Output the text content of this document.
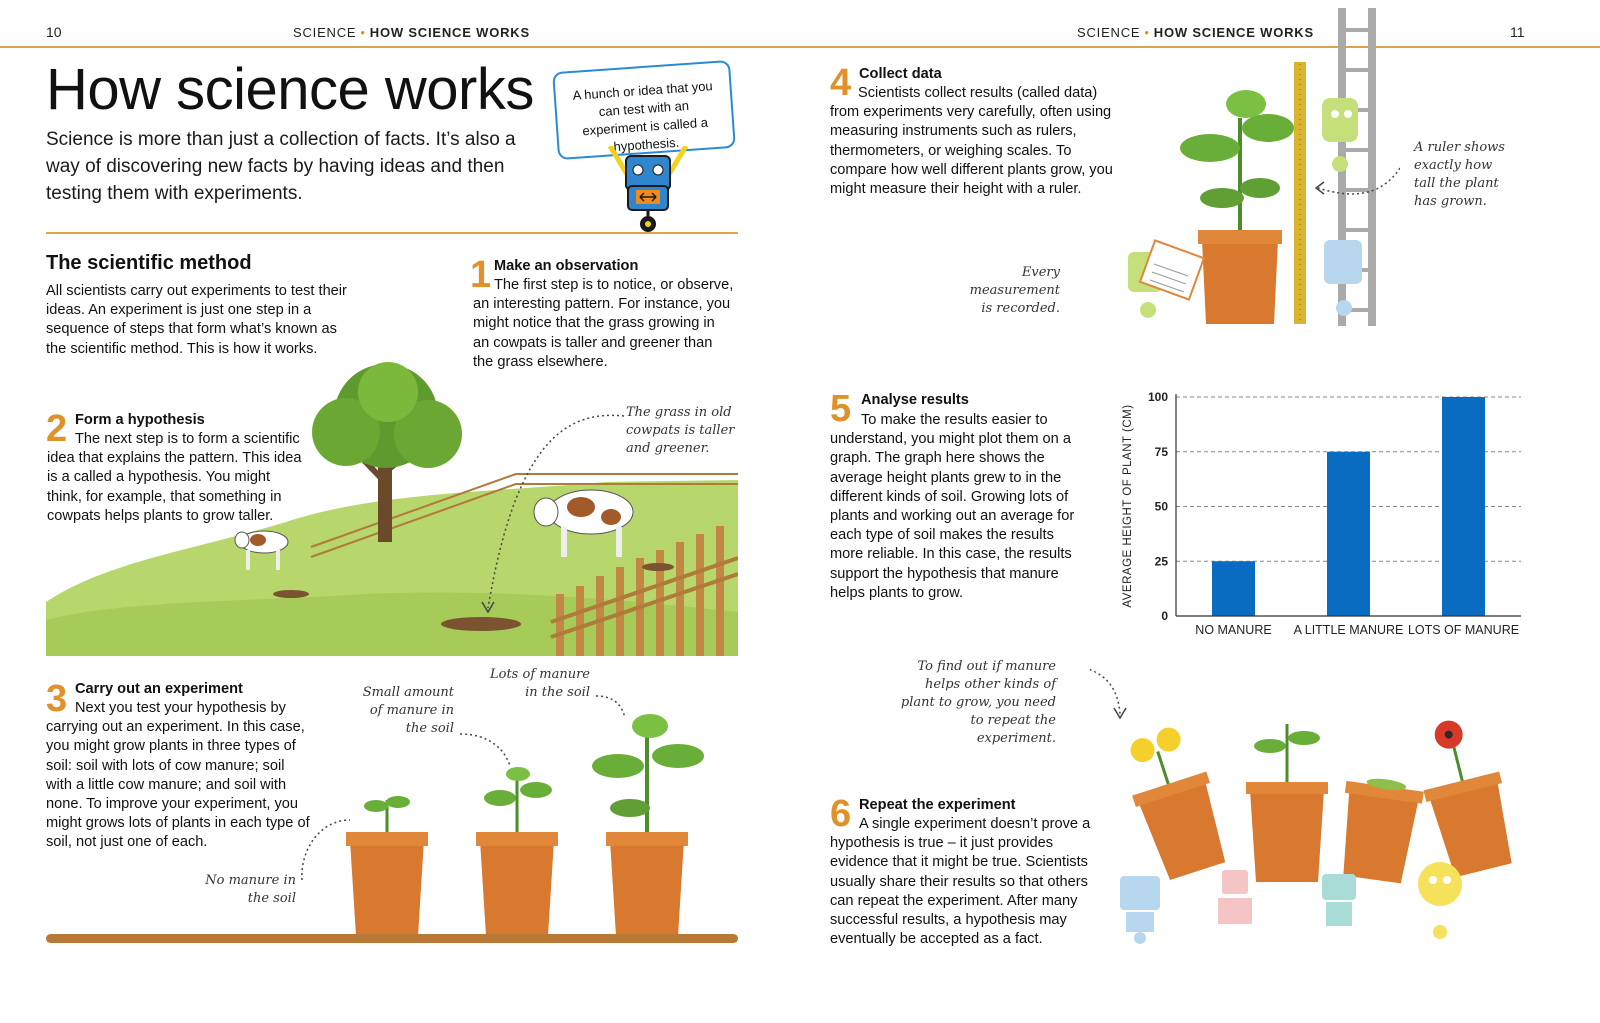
10	SCIENCE • HOW SCIENCE WORKS	SCIENCE • HOW SCIENCE WORKS	11
How science works

Science is more than just a collection of facts. It’s also a way of discovering new facts by having ideas and then testing them with experiments.

A hunch or idea that you can test with an experiment is called a hypothesis.
The scientific method

All scientists carry out experiments to test their ideas. An experiment is just one step in a sequence of steps that form what’s known as the scientific method. This is how it works.

1 Make an observation

The first step is to notice, or observe, an interesting pattern. For instance, you might notice that the grass growing in an cowpats is taller and greener than the grass elsewhere.

The grass in old cowpats is taller and greener.

2 Form a hypothesis

The next step is to form a scientific idea that explains the pattern. This idea is a called a hypothesis. You might think, for example, that something in cowpats helps plants to grow taller.

3 Carry out an experiment

Next you test your hypothesis by carrying out an experiment. In this case, you might grow plants in three types of soil: soil with lots of cow manure; soil with a little cow manure; and soil with none. To improve your experiment, you might grows lots of plants in each type of soil, not just one of each.

No manure in the soil

Small amount of manure in the soil

Lots of manure in the soil

4 Collect data

Scientists collect results (called data) from experiments very carefully, often using measuring instruments such as rulers, thermometers, or weighing scales. To compare how well different plants grow, you might measure their height with a ruler.

A ruler shows exactly how tall the plant has grown.

Every measurement is recorded.

5 Analyse results

To make the results easier to understand, you might plot them on a graph. The graph here shows the average height plants grew to in the different kinds of soil. Growing lots of plants and working out an average for each type of soil makes the results more reliable. In this case, the results support the hypothesis that manure helps plants to grow.

0
25
50
75
100
NO MANURE A LITTLE MANURE LOTS OF MANURE
AVERAGE HEIGHT OF PLANT (CM)

To find out if manure helps other kinds of plant to grow, you need to repeat the experiment.

6 Repeat the experiment

A single experiment doesn’t prove a hypothesis is true – it just provides evidence that it might be true. Scientists usually share their results so that others can repeat the experiment. After many successful results, a hypothesis may eventually be accepted as a fact.
